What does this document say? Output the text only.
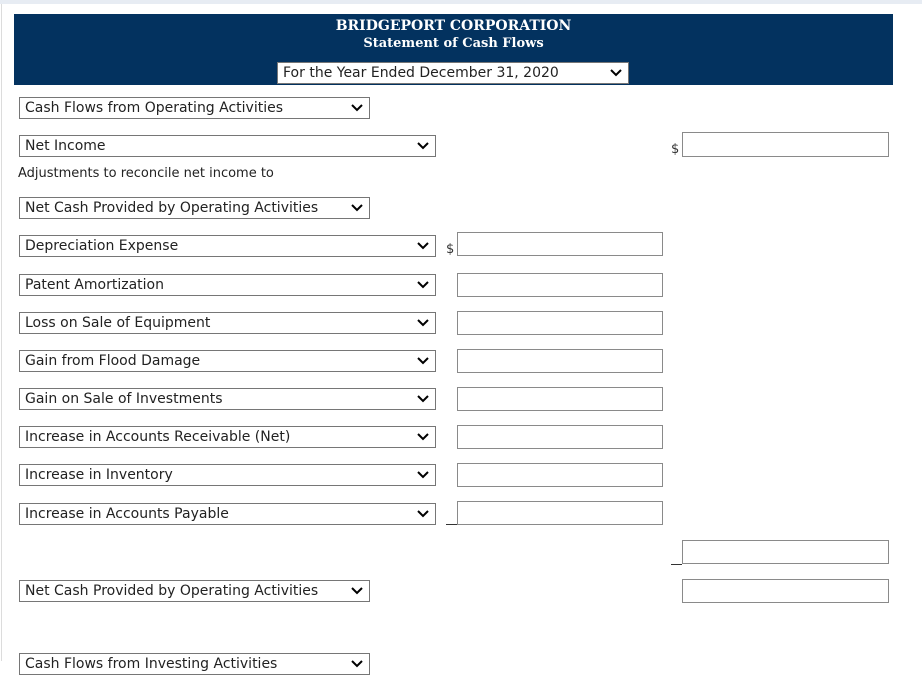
BRIDGEPORT CORPORATION
Statement of Cash Flows
For the Year Ended December 31, 2020
Cash Flows from Operating Activities
Net Income	$
Adjustments to reconcile net income to
Net Cash Provided by Operating Activities
Depreciation Expense	$
Patent Amortization
Loss on Sale of Equipment
Gain from Flood Damage
Gain on Sale of Investments
Increase in Accounts Receivable (Net)
Increase in Inventory
Increase in Accounts Payable
Net Cash Provided by Operating Activities
Cash Flows from Investing Activities
